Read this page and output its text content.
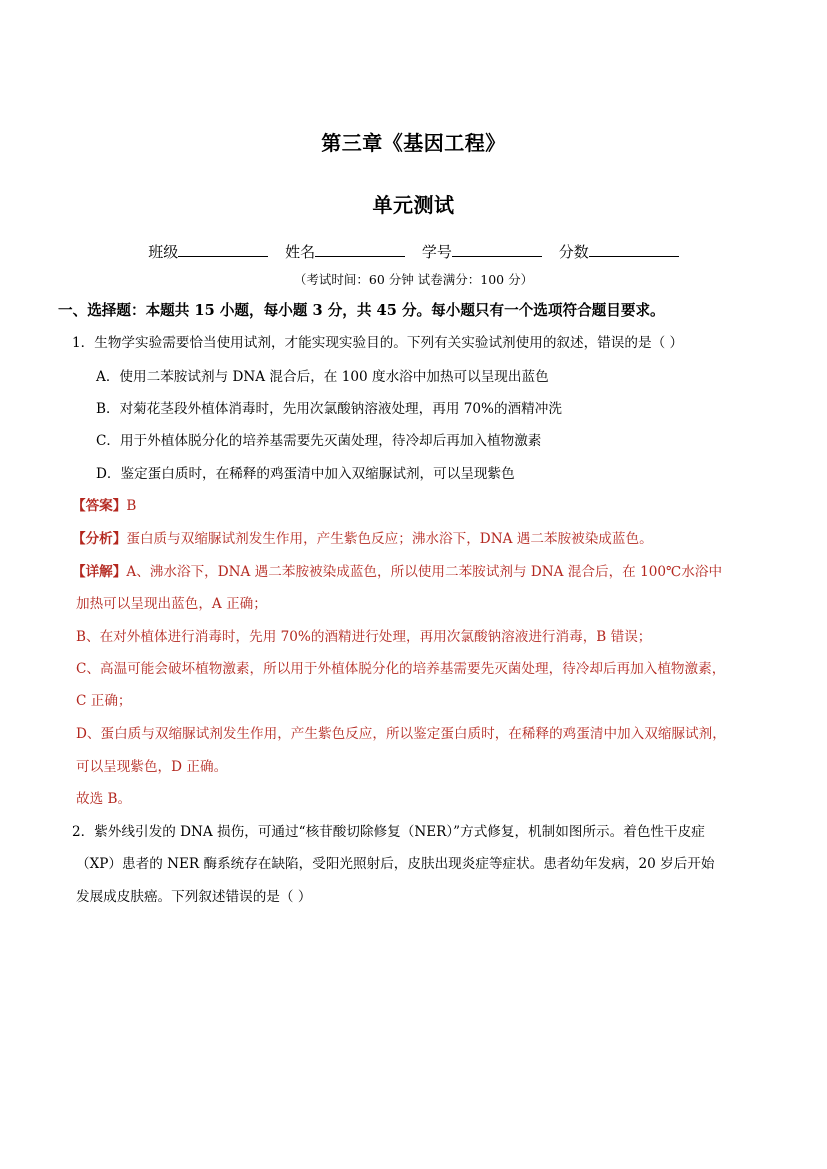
第三章《基因工程》
单元测试
班级	姓名	学号	分数
（考试时间：60 分钟 试卷满分：100 分）
一、选择题：本题共 15 小题，每小题 3 分，共 45 分。每小题只有一个选项符合题目要求。
1．生物学实验需要恰当使用试剂，才能实现实验目的。下列有关实验试剂使用的叙述，错误的是（ ）
A．使用二苯胺试剂与 DNA 混合后，在 100 度水浴中加热可以呈现出蓝色
B．对菊花茎段外植体消毒时，先用次氯酸钠溶液处理，再用 70%的酒精冲洗
C．用于外植体脱分化的培养基需要先灭菌处理，待冷却后再加入植物激素
D．鉴定蛋白质时，在稀释的鸡蛋清中加入双缩脲试剂，可以呈现紫色
【答案】B
【分析】蛋白质与双缩脲试剂发生作用，产生紫色反应；沸水浴下，DNA 遇二苯胺被染成蓝色。
【详解】A、沸水浴下，DNA 遇二苯胺被染成蓝色，所以使用二苯胺试剂与 DNA 混合后，在 100℃水浴中
加热可以呈现出蓝色，A 正确；
B、在对外植体进行消毒时，先用 70%的酒精进行处理，再用次氯酸钠溶液进行消毒，B 错误；
C、高温可能会破坏植物激素，所以用于外植体脱分化的培养基需要先灭菌处理，待冷却后再加入植物激素，
C 正确；
D、蛋白质与双缩脲试剂发生作用，产生紫色反应，所以鉴定蛋白质时，在稀释的鸡蛋清中加入双缩脲试剂，
可以呈现紫色，D 正确。
故选 B。
2．紫外线引发的 DNA 损伤，可通过“核苷酸切除修复（NER）”方式修复，机制如图所示。着色性干皮症
（XP）患者的 NER 酶系统存在缺陷，受阳光照射后，皮肤出现炎症等症状。患者幼年发病，20 岁后开始
发展成皮肤癌。下列叙述错误的是（ ）
